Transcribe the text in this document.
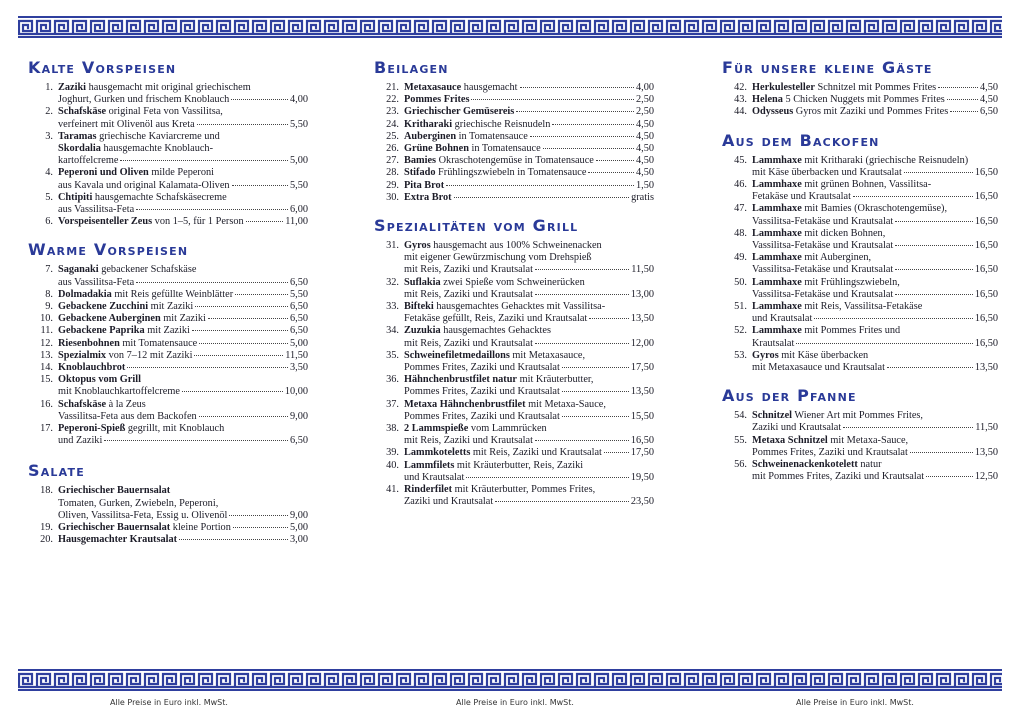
Kalte Vorspeisen
1. Zaziki hausgemacht mit original griechischem
Joghurt, Gurken und frischem Knoblauch	4,00
2. Schafskäse original Feta von Vassilitsa,
verfeinert mit Olivenöl aus Kreta	5,50
3. Taramas griechische Kaviarcreme und
Skordalia hausgemachte Knoblauch-
kartoffelcreme	5,00
4. Peperoni und Oliven milde Peperoni
aus Kavala und original Kalamata-Oliven	5,50
5. Chtipiti hausgemachte Schafskäsecreme
aus Vassilitsa-Feta	6,00
6. Vorspeisenteller Zeus von 1–5, für 1 Person	11,00
Warme Vorspeisen
7. Saganaki gebackener Schafskäse
aus Vassilitsa-Feta	6,50
8. Dolmadakia mit Reis gefüllte Weinblätter	5,50
9. Gebackene Zucchini mit Zaziki	6,50
10. Gebackene Auberginen mit Zaziki	6,50
11. Gebackene Paprika mit Zaziki	6,50
12. Riesenbohnen mit Tomatensauce	5,00
13. Spezialmix von 7–12 mit Zaziki	11,50
14. Knoblauchbrot	3,50
15. Oktopus vom Grill
mit Knoblauchkartoffelcreme	10,00
16. Schafskäse à la Zeus
Vassilitsa-Feta aus dem Backofen	9,00
17. Peperoni-Spieß gegrillt, mit Knoblauch
und Zaziki	6,50
Salate
18. Griechischer Bauernsalat
Tomaten, Gurken, Zwiebeln, Peperoni,
Oliven, Vassilitsa-Feta, Essig u. Olivenöl	9,00
19. Griechischer Bauernsalat kleine Portion	5,00
20. Hausgemachter Krautsalat	3,00
Beilagen
21. Metaxasauce hausgemacht	4,00
22. Pommes Frites	2,50
23. Griechischer Gemüsereis	2,50
24. Kritharaki griechische Reisnudeln	4,50
25. Auberginen in Tomatensauce	4,50
26. Grüne Bohnen in Tomatensauce	4,50
27. Bamies Okraschotengemüse in Tomatensauce	4,50
28. Stifado Frühlingszwiebeln in Tomatensauce	4,50
29. Pita Brot	1,50
30. Extra Brot	gratis
Spezialitäten vom Grill
31. Gyros hausgemacht aus 100% Schweinenacken
mit eigener Gewürzmischung vom Drehspieß
mit Reis, Zaziki und Krautsalat	11,50
32. Suflakia zwei Spieße vom Schweinerücken
mit Reis, Zaziki und Krautsalat	13,00
33. Bifteki hausgemachtes Gehacktes mit Vassilitsa-
Fetakäse gefüllt, Reis, Zaziki und Krautsalat	13,50
34. Zuzukia hausgemachtes Gehacktes
mit Reis, Zaziki und Krautsalat	12,00
35. Schweinefiletmedaillons mit Metaxasauce,
Pommes Frites, Zaziki und Krautsalat	17,50
36. Hähnchenbrustfilet natur mit Kräuterbutter,
Pommes Frites, Zaziki und Krautsalat	13,50
37. Metaxa Hähnchenbrustfilet mit Metaxa-Sauce,
Pommes Frites, Zaziki und Krautsalat	15,50
38. 2 Lammspieße vom Lammrücken
mit Reis, Zaziki und Krautsalat	16,50
39. Lammkoteletts mit Reis, Zaziki und Krautsalat	17,50
40. Lammfilets mit Kräuterbutter, Reis, Zaziki
und Krautsalat	19,50
41. Rinderfilet mit Kräuterbutter, Pommes Frites,
Zaziki und Krautsalat	23,50
Für unsere kleine Gäste
42. Herkulesteller Schnitzel mit Pommes Frites	4,50
43. Helena 5 Chicken Nuggets mit Pommes Frites	4,50
44. Odysseus Gyros mit Zaziki und Pommes Frites	6,50
Aus dem Backofen
45. Lammhaxe mit Kritharaki (griechische Reisnudeln)
mit Käse überbacken und Krautsalat	16,50
46. Lammhaxe mit grünen Bohnen, Vassilitsa-
Fetakäse und Krautsalat	16,50
47. Lammhaxe mit Bamies (Okraschotengemüse),
Vassilitsa-Fetakäse und Krautsalat	16,50
48. Lammhaxe mit dicken Bohnen,
Vassilitsa-Fetakäse und Krautsalat	16,50
49. Lammhaxe mit Auberginen,
Vassilitsa-Fetakäse und Krautsalat	16,50
50. Lammhaxe mit Frühlingszwiebeln,
Vassilitsa-Fetakäse und Krautsalat	16,50
51. Lammhaxe mit Reis, Vassilitsa-Fetakäse
und Krautsalat	16,50
52. Lammhaxe mit Pommes Frites und
Krautsalat	16,50
53. Gyros mit Käse überbacken
mit Metaxasauce und Krautsalat	13,50
Aus der Pfanne
54. Schnitzel Wiener Art mit Pommes Frites,
Zaziki und Krautsalat	11,50
55. Metaxa Schnitzel mit Metaxa-Sauce,
Pommes Frites, Zaziki und Krautsalat	13,50
56. Schweinenackenkotelett natur
mit Pommes Frites, Zaziki und Krautsalat	12,50
Alle Preise in Euro inkl. MwSt.	Alle Preise in Euro inkl. MwSt.	Alle Preise in Euro inkl. MwSt.
